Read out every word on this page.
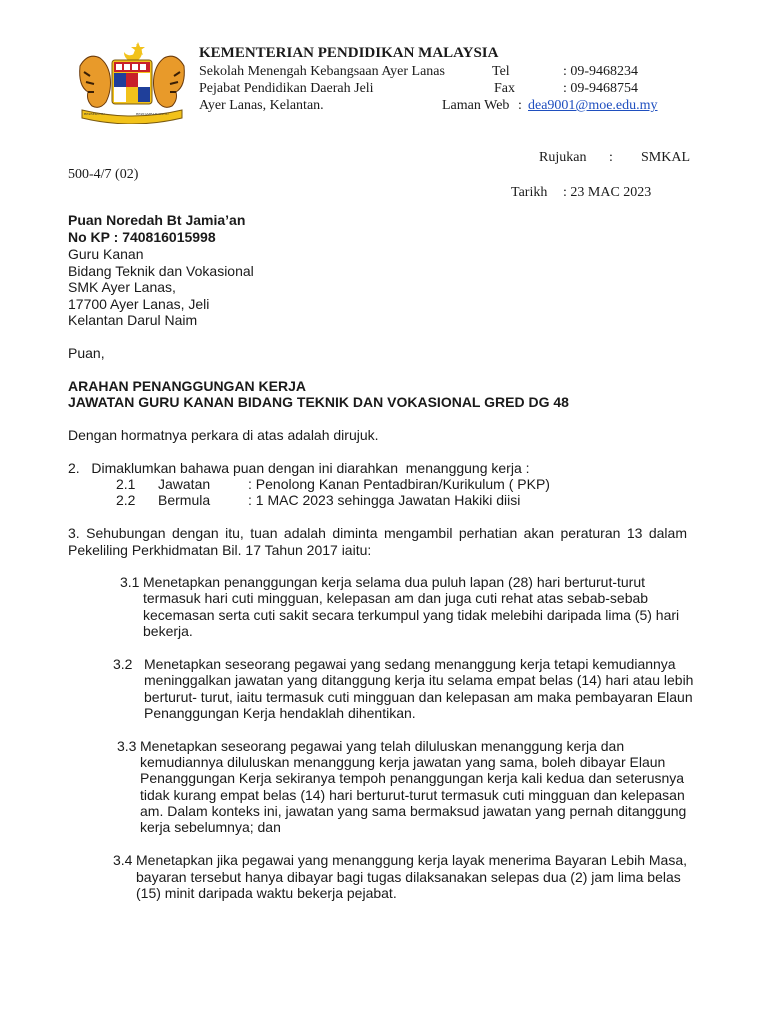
BERSEKUTU	BERTAMBAH MUTU
KEMENTERIAN PENDIDIKAN MALAYSIA
Sekolah Menengah Kebangsaan Ayer Lanas
Pejabat Pendidikan Daerah Jeli
Ayer Lanas, Kelantan.
Tel	: 09-9468234
Fax	: 09-9468754
Laman Web : dea9001@moe.edu.my
Rujukan : SMKAL
500-4/7 (02)
Tarikh : 23 MAC 2023
Puan Noredah Bt Jamia’an
No KP : 740816015998
Guru Kanan
Bidang Teknik dan Vokasional
SMK Ayer Lanas,
17700 Ayer Lanas, Jeli
Kelantan Darul Naim
Puan,
ARAHAN PENANGGUNGAN KERJA
JAWATAN GURU KANAN BIDANG TEKNIK DAN VOKASIONAL GRED DG 48
Dengan hormatnya perkara di atas adalah dirujuk.
2.   Dimaklumkan bahawa puan dengan ini diarahkan  menanggung kerja :
2.1 Jawatan	: Penolong Kanan Pentadbiran/Kurikulum ( PKP)
2.2 Bermula	: 1 MAC 2023 sehingga Jawatan Hakiki diisi
3. Sehubungan dengan itu, tuan adalah diminta mengambil perhatian akan peraturan 13 dalam Pekeliling Perkhidmatan Bil. 17 Tahun 2017 iaitu:
3.1 Menetapkan penanggungan kerja selama dua puluh lapan (28) hari berturut-turut
termasuk hari cuti mingguan, kelepasan am dan juga cuti rehat atas sebab-sebab
kecemasan serta cuti sakit secara terkumpul yang tidak melebihi daripada lima (5) hari
bekerja.
3.2 Menetapkan seseorang pegawai yang sedang menanggung kerja tetapi kemudiannya
meninggalkan jawatan yang ditanggung kerja itu selama empat belas (14) hari atau lebih
berturut- turut, iaitu termasuk cuti mingguan dan kelepasan am maka pembayaran Elaun
Penanggungan Kerja hendaklah dihentikan.
3.3 Menetapkan seseorang pegawai yang telah diluluskan menanggung kerja dan
kemudiannya diluluskan menanggung kerja jawatan yang sama, boleh dibayar Elaun
Penanggungan Kerja sekiranya tempoh penanggungan kerja kali kedua dan seterusnya
tidak kurang empat belas (14) hari berturut-turut termasuk cuti mingguan dan kelepasan
am. Dalam konteks ini, jawatan yang sama bermaksud jawatan yang pernah ditanggung
kerja sebelumnya; dan
3.4 Menetapkan jika pegawai yang menanggung kerja layak menerima Bayaran Lebih Masa,
bayaran tersebut hanya dibayar bagi tugas dilaksanakan selepas dua (2) jam lima belas
(15) minit daripada waktu bekerja pejabat.
